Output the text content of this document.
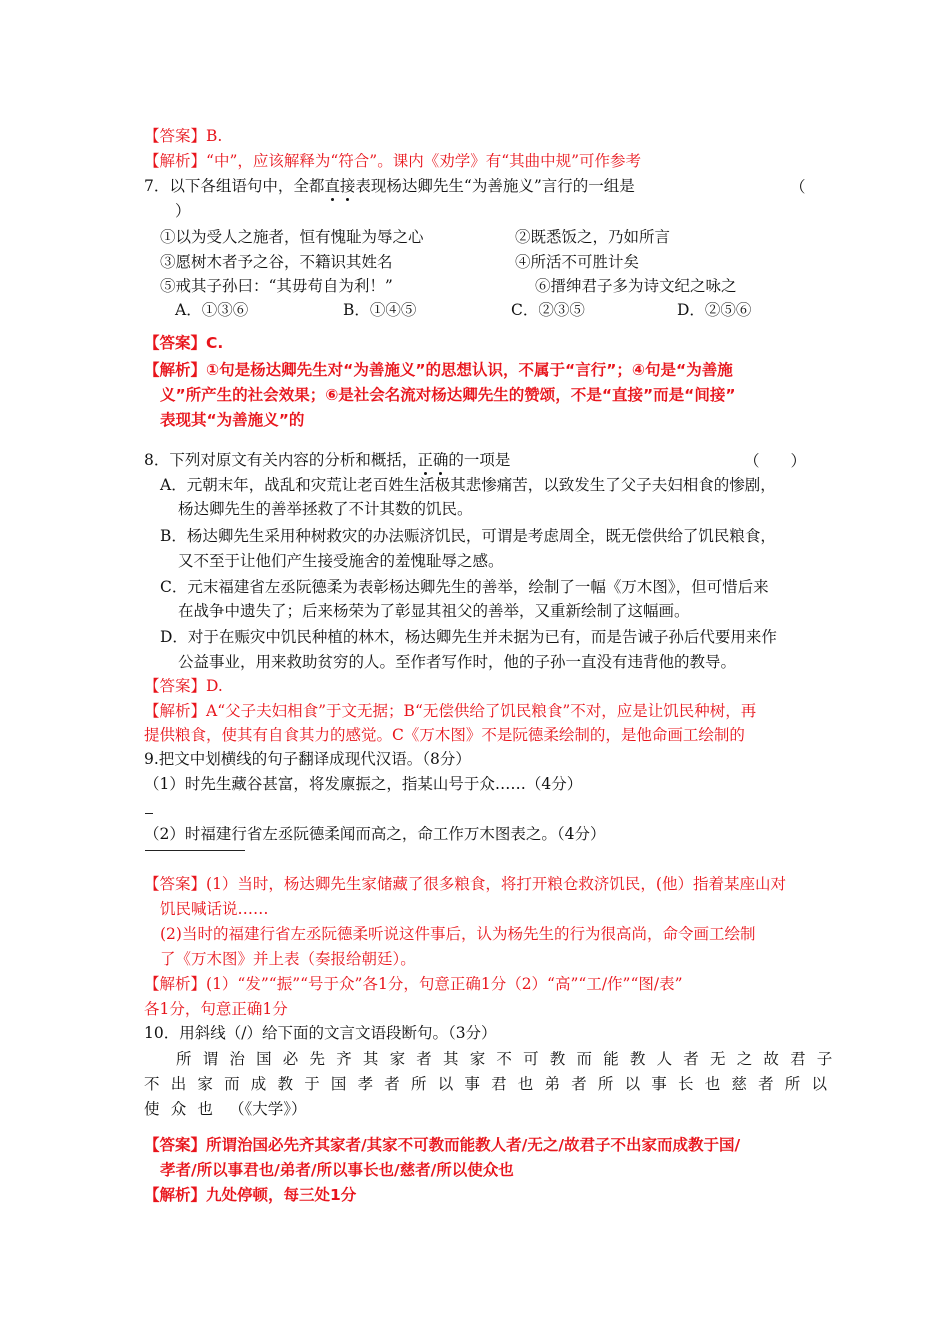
【答案】B.
【解析】“中”，应该解释为“符合”。课内《劝学》有“其曲中规”可作参考
7．以下各组语句中，全都直接表现杨达卿先生“为善施义”言行的一组是	（
）
①以为受人之施者，恒有愧耻为辱之心	②既悉饭之，乃如所言
③愿树木者予之谷，不籍识其姓名	④所活不可胜计矣
⑤戒其子孙曰：“其毋苟自为利！”	⑥搢绅君子多为诗文纪之咏之
A．①③⑥	B．①④⑤	C．②③⑤	D．②⑤⑥
【答案】C.
【解析】①句是杨达卿先生对“为善施义”的思想认识，不属于“言行”；④句是“为善施
义”所产生的社会效果；⑥是社会名流对杨达卿先生的赞颂，不是“直接”而是“间接”
表现其“为善施义”的
8．下列对原文有关内容的分析和概括，正确的一项是	（　　）
A．元朝末年，战乱和灾荒让老百姓生活极其悲惨痛苦，以致发生了父子夫妇相食的惨剧，
杨达卿先生的善举拯救了不计其数的饥民。
B．杨达卿先生采用种树救灾的办法赈济饥民，可谓是考虑周全，既无偿供给了饥民粮食，
又不至于让他们产生接受施舍的羞愧耻辱之感。
C．元末福建省左丞阮德柔为表彰杨达卿先生的善举，绘制了一幅《万木图》，但可惜后来
在战争中遗失了；后来杨荣为了彰显其祖父的善举，又重新绘制了这幅画。
D．对于在赈灾中饥民种植的林木，杨达卿先生并未据为已有，而是告诫子孙后代要用来作
公益事业，用来救助贫穷的人。至作者写作时，他的子孙一直没有违背他的教导。
【答案】D.
【解析】A“父子夫妇相食”于文无据；B“无偿供给了饥民粮食”不对，应是让饥民种树，再
提供粮食，使其有自食其力的感觉。C《万木图》不是阮德柔绘制的，是他命画工绘制的
9.把文中划横线的句子翻译成现代汉语。（8分）
（1）时先生藏谷甚富，将发廪振之，指某山号于众……（4分）
（2）时福建行省左丞阮德柔闻而高之，命工作万木图表之。（4分）
【答案】(1）当时，杨达卿先生家储藏了很多粮食，将打开粮仓救济饥民，(他）指着某座山对
饥民喊话说……
(2)当时的福建行省左丞阮德柔听说这件事后，认为杨先生的行为很高尚，命令画工绘制
了《万木图》并上表（奏报给朝廷）。
【解析】(1）“发”“振”“号于众”各1分，句意正确1分（2）“高”“工/作”“图/表”
各1分，句意正确1分
10．用斜线（/）给下面的文言文语段断句。（3分）
所谓治国必先齐其家者其家不可教而能教人者无之故君子
不出家而成教于国孝者所以事君也弟者所以事长也慈者所以
使众也 （《大学》）
【答案】所谓治国必先齐其家者/其家不可教而能教人者/无之/故君子不出家而成教于国/
孝者/所以事君也/弟者/所以事长也/慈者/所以使众也
【解析】九处停顿，每三处1分
